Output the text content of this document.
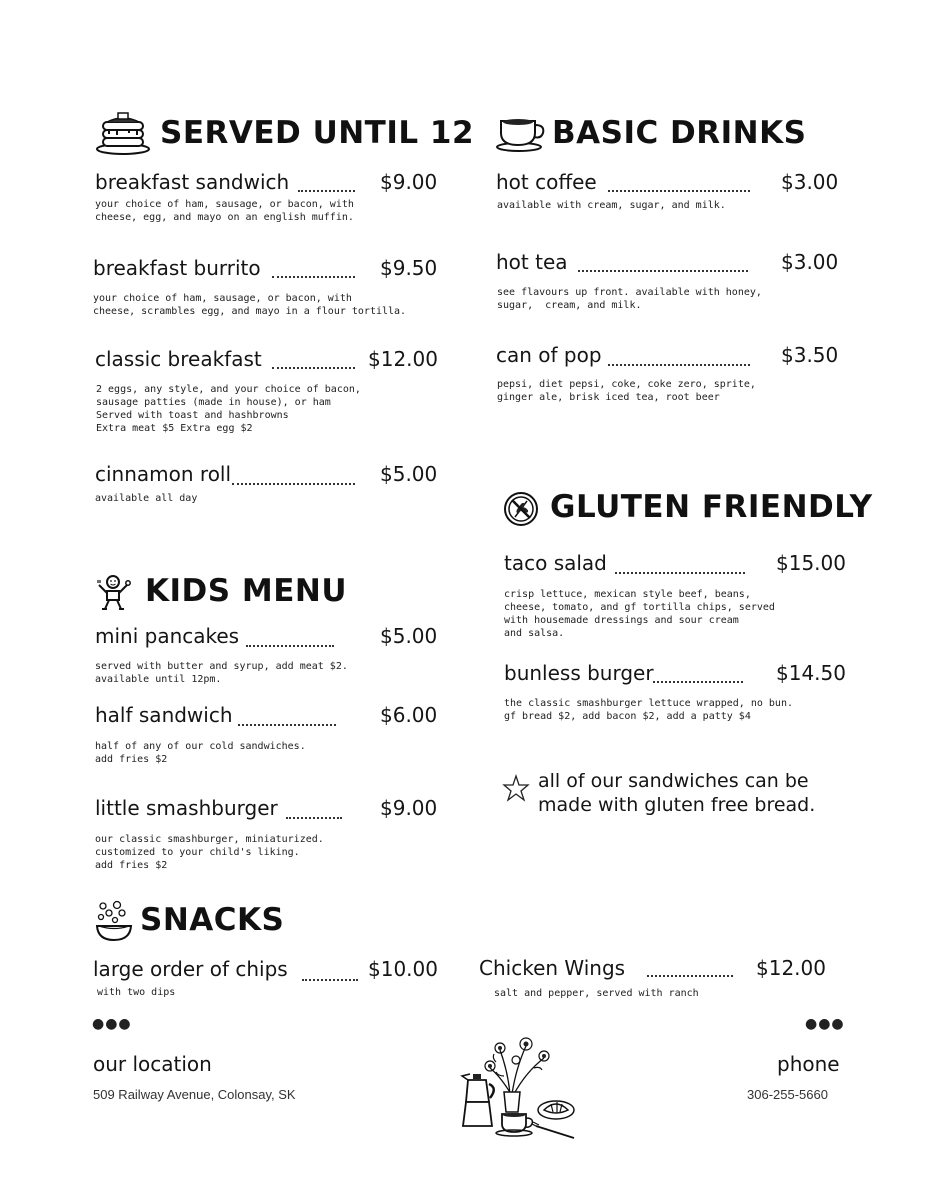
SERVED UNTIL 12
breakfast sandwich	$9.00
your choice of ham, sausage, or bacon, with
cheese, egg, and mayo on an english muffin.
breakfast burrito	$9.50
your choice of ham, sausage, or bacon, with
cheese, scrambles egg, and mayo in a flour tortilla.
classic breakfast	$12.00
2 eggs, any style, and your choice of bacon,
sausage patties (made in house), or ham
Served with toast and hashbrowns
Extra meat $5 Extra egg $2
cinnamon roll	$5.00
available all day
BASIC DRINKS
hot coffee	$3.00
available with cream, sugar, and milk.
hot tea	$3.00
see flavours up front. available with honey,
sugar,  cream, and milk.
can of pop	$3.50
pepsi, diet pepsi, coke, coke zero, sprite,
ginger ale, brisk iced tea, root beer
GLUTEN FRIENDLY
taco salad	$15.00
crisp lettuce, mexican style beef, beans,
cheese, tomato, and gf tortilla chips, served
with housemade dressings and sour cream
and salsa.
bunless burger	$14.50
the classic smashburger lettuce wrapped, no bun.
gf bread $2, add bacon $2, add a patty $4
all of our sandwiches can be
made with gluten free bread.
KIDS MENU
mini pancakes	$5.00
served with butter and syrup, add meat $2.
available until 12pm.
half sandwich	$6.00
half of any of our cold sandwiches.
add fries $2
little smashburger	$9.00
our classic smashburger, miniaturized.
customized to your child's liking.
add fries $2
SNACKS
large order of chips	$10.00
with two dips
Chicken Wings	$12.00
salt and pepper, served with ranch
●●●
our location
509 Railway Avenue, Colonsay, SK
●●●
phone
306-255-5660
